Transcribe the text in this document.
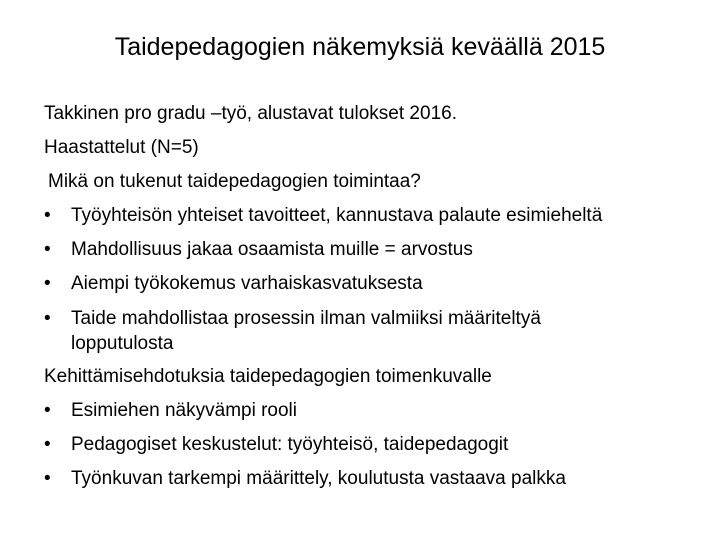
Taidepedagogien näkemyksiä keväällä 2015
Takkinen pro gradu –työ, alustavat tulokset 2016.
Haastattelut (N=5)
Mikä on tukenut taidepedagogien toimintaa?
• Työyhteisön yhteiset tavoitteet, kannustava palaute esimieheltä
• Mahdollisuus jakaa osaamista muille = arvostus
• Aiempi työkokemus varhaiskasvatuksesta
• Taide mahdollistaa prosessin ilman valmiiksi määriteltyä lopputulosta
Kehittämisehdotuksia taidepedagogien toimenkuvalle
• Esimiehen näkyvämpi rooli
• Pedagogiset keskustelut: työyhteisö, taidepedagogit
• Työnkuvan tarkempi määrittely, koulutusta vastaava palkka
